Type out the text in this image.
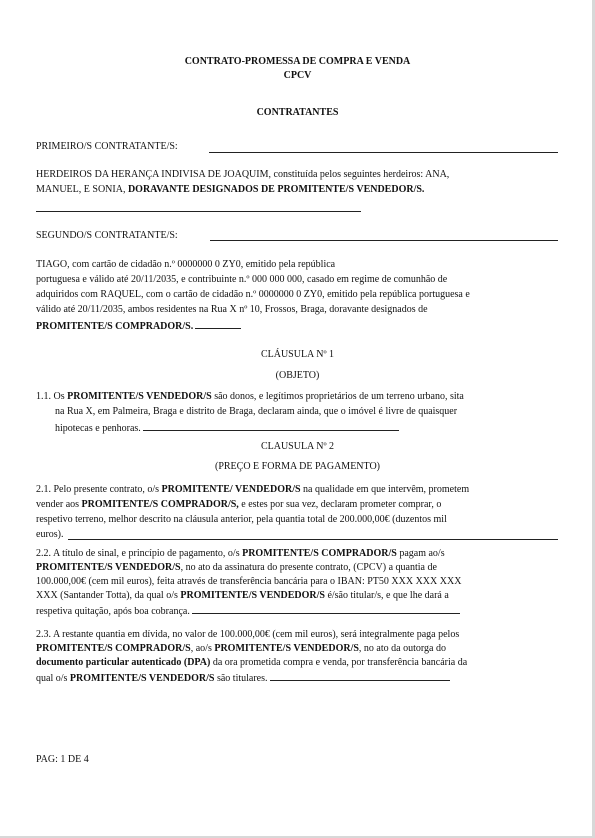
CONTRATO-PROMESSA DE COMPRA E VENDA
CPCV
CONTRATANTES
PRIMEIRO/S CONTRATANTE/S:
HERDEIROS DA HERANÇA INDIVISA DE JOAQUIM, constituída pelos seguintes herdeiros: ANA,
MANUEL, E SONIA, DORAVANTE DESIGNADOS DE PROMITENTE/S VENDEDOR/S.
SEGUNDO/S CONTRATANTE/S:
TIAGO, com cartão de cidadão n.º 0000000 0 ZY0, emitido pela república
portuguesa e válido até 20/11/2035, e contribuinte n.º 000 000 000, casado em regime de comunhão de
adquiridos com RAQUEL, com o cartão de cidadão n.º 0000000 0 ZY0, emitido pela república portuguesa e
válido até 20/11/2035, ambos residentes na Rua X nº 10, Frossos, Braga, doravante designados de
PROMITENTE/S COMPRADOR/S.
CLÁUSULA Nº 1
(OBJETO)
1.1. Os PROMITENTE/S VENDEDOR/S são donos, e legítimos proprietários de um terreno urbano, sita
na Rua X, em Palmeira, Braga e distrito de Braga, declaram ainda, que o imóvel é livre de quaisquer
hipotecas e penhoras.
CLAUSULA Nº 2
(PREÇO E FORMA DE PAGAMENTO)
2.1. Pelo presente contrato, o/s PROMITENTE/ VENDEDOR/S na qualidade em que intervêm, prometem
vender aos PROMITENTE/S COMPRADOR/S, e estes por sua vez, declaram prometer comprar, o
respetivo terreno, melhor descrito na cláusula anterior, pela quantia total de 200.000,00€ (duzentos mil
euros).
2.2. A título de sinal, e princípio de pagamento, o/s PROMITENTE/S COMPRADOR/S pagam ao/s
PROMITENTE/S VENDEDOR/S, no ato da assinatura do presente contrato, (CPCV) a quantia de
100.000,00€ (cem mil euros), feita através de transferência bancária para o IBAN: PT50 XXX XXX XXX
XXX (Santander Totta), da qual o/s PROMITENTE/S VENDEDOR/S é/são titular/s, e que lhe dará a
respetiva quitação, após boa cobrança.
2.3. A restante quantia em dívida, no valor de 100.000,00€ (cem mil euros), será integralmente paga pelos
PROMITENTE/S COMPRADOR/S, ao/s PROMITENTE/S VENDEDOR/S, no ato da outorga do
documento particular autenticado (DPA) da ora prometida compra e venda, por transferência bancária da
qual o/s PROMITENTE/S VENDEDOR/S são titulares.
PAG: 1 DE 4
